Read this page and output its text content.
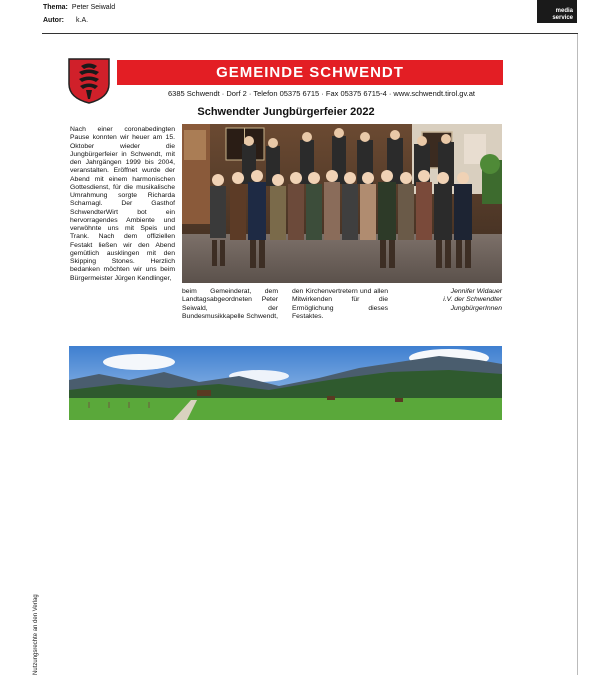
Thema: Peter Seiwald
Autor: k.A.
media
service
Nutzungsrechte an den Verlag
GEMEINDE SCHWENDT
6385 Schwendt · Dorf 2 · Telefon 05375 6715 · Fax 05375 6715-4 · www.schwendt.tirol.gv.at
Schwendter Jungbürgerfeier 2022

Nach einer coronabedingten Pause konnten wir heuer am 15. Oktober wieder die Jungbürgerfeier in Schwendt, mit den Jahrgängen 1999 bis 2004, veranstalten. Eröffnet wurde der Abend mit einem harmonischen Gottesdienst, für die musikalische Umrahmung sorgte Richarda Scharnagl. Der Gasthof SchwendterWirt bot ein hervorragendes Ambiente und verwöhnte uns mit Speis und Trank. Nach dem offiziellen Festakt ließen wir den Abend gemütlich ausklingen mit den Skipping Stones. Herzlich bedanken möchten wir uns beim Bürgermeister Jürgen Kendlinger,

beim Gemeinderat, dem Landtagsabgeordneten Peter Seiwald, der Bundesmusikkapelle Schwendt,
den Kirchenvertretern und allen Mitwirkenden für die Ermöglichung dieses Festaktes.
Jennifer Widauer
i.V. der Schwendter
JungbürgerInnen
